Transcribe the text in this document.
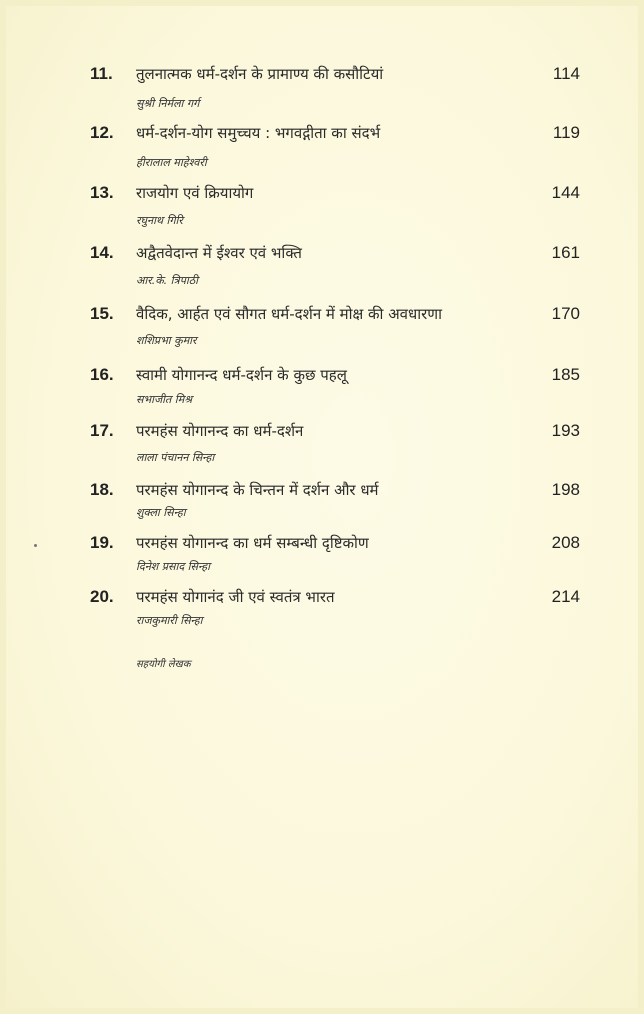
11. तुलनात्मक धर्म-दर्शन के प्रामाण्य की कसौटियां	114
सुश्री निर्मला गर्ग
12. धर्म-दर्शन-योग समुच्चय : भगवद्गीता का संदर्भ	119
हीरालाल माहेश्वरी
13. राजयोग एवं क्रियायोग	144
रघुनाथ गिरि
14. अद्वैतवेदान्त में ईश्वर एवं भक्ति	161
आर.के. त्रिपाठी
15. वैदिक, आर्हत एवं सौगत धर्म-दर्शन में मोक्ष की अवधारणा	170
शशिप्रभा कुमार
16. स्वामी योगानन्द धर्म-दर्शन के कुछ पहलू	185
सभाजीत मिश्र
17. परमहंस योगानन्द का धर्म-दर्शन	193
लाला पंचानन सिन्हा
18. परमहंस योगानन्द के चिन्तन में दर्शन और धर्म	198
शुक्ला सिन्हा
19. परमहंस योगानन्द का धर्म सम्बन्धी दृष्टिकोण	208
दिनेश प्रसाद सिन्हा
20. परमहंस योगानंद जी एवं स्वतंत्र भारत	214
राजकुमारी सिन्हा
सहयोगी लेखक
